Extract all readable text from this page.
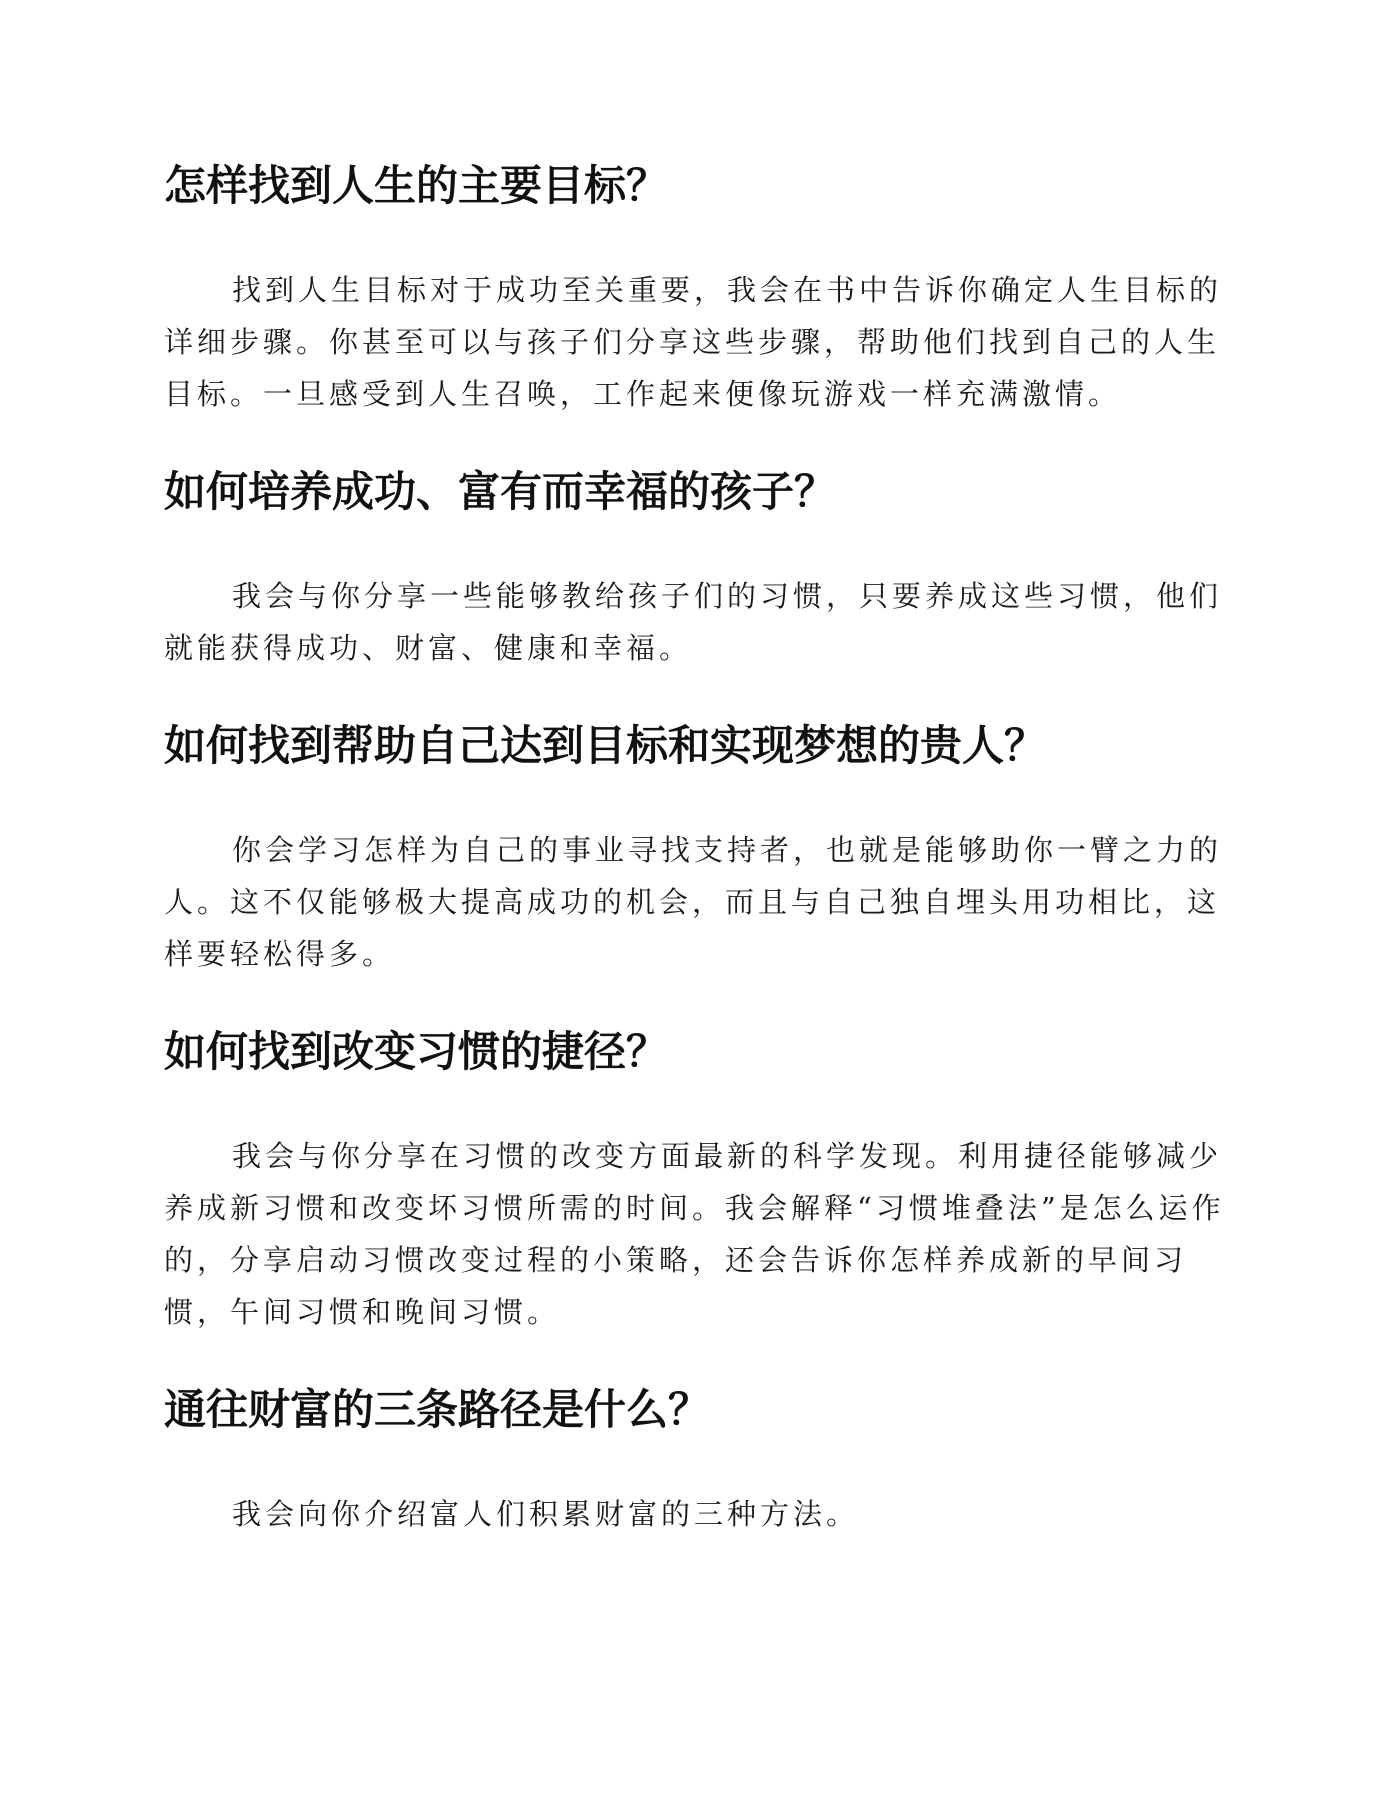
怎样找到人生的主要目标？

找到人生目标对于成功至关重要，我会在书中告诉你确定人生目标的详细步骤。你甚至可以与孩子们分享这些步骤，帮助他们找到自己的人生目标。一旦感受到人生召唤，工作起来便像玩游戏一样充满激情。

如何培养成功、富有而幸福的孩子？

我会与你分享一些能够教给孩子们的习惯，只要养成这些习惯，他们就能获得成功、财富、健康和幸福。

如何找到帮助自己达到目标和实现梦想的贵人？

你会学习怎样为自己的事业寻找支持者，也就是能够助你一臂之力的人。这不仅能够极大提高成功的机会，而且与自己独自埋头用功相比，这样要轻松得多。

如何找到改变习惯的捷径？

我会与你分享在习惯的改变方面最新的科学发现。利用捷径能够减少养成新习惯和改变坏习惯所需的时间。我会解释“习惯堆叠法”是怎么运作的，分享启动习惯改变过程的小策略，还会告诉你怎样养成新的早间习惯，午间习惯和晚间习惯。

通往财富的三条路径是什么？

我会向你介绍富人们积累财富的三种方法。
